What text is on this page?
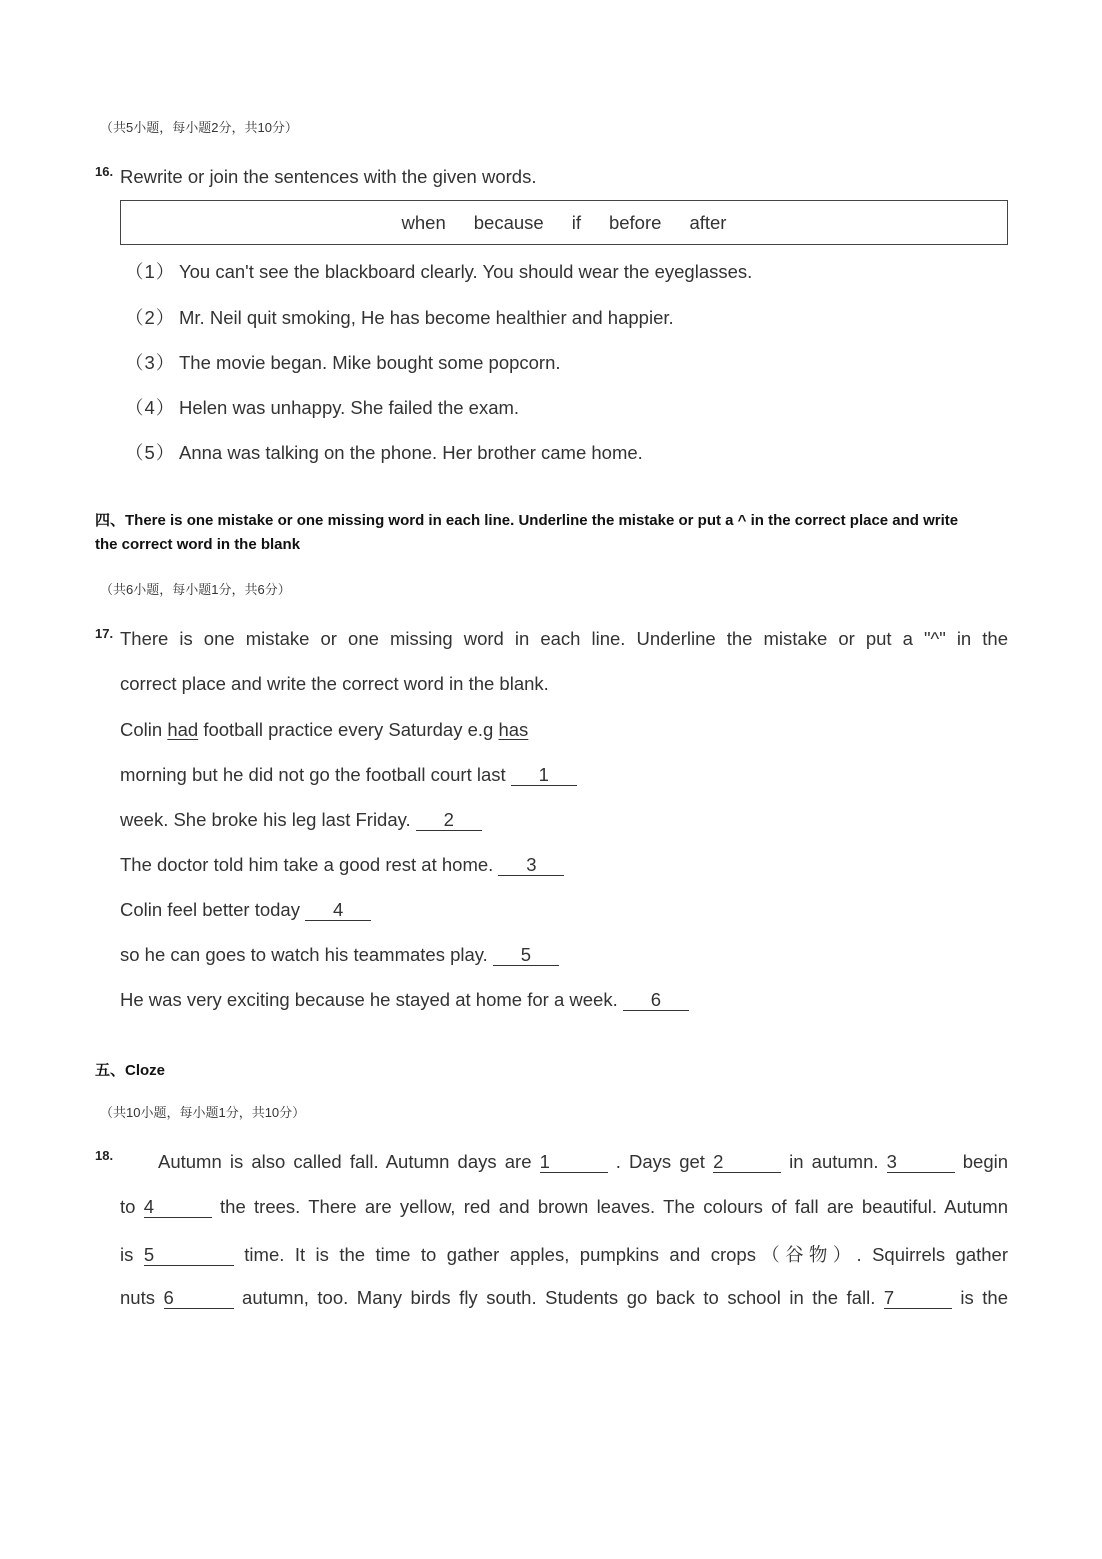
（共5小题，每小题2分，共10分）
16. Rewrite or join the sentences with the given words.
when because if before after
（1） You can't see the blackboard clearly. You should wear the eyeglasses.
（2） Mr. Neil quit smoking, He has become healthier and happier.
（3） The movie began. Mike bought some popcorn.
（4） Helen was unhappy. She failed the exam.
（5） Anna was talking on the phone. Her brother came home.
四、There is one mistake or one missing word in each line. Underline the mistake or put a ^ in the correct place and write
the correct word in the blank
（共6小题，每小题1分，共6分）
17. There is one mistake or one missing word in each line. Underline the mistake or put a "^" in the
correct place and write the correct word in the blank.
Colin had football practice every Saturday e.g has
morning but he did not go the football court last 1
week. She broke his leg last Friday. 2
The doctor told him take a good rest at home. 3
Colin feel better today 4
so he can goes to watch his teammates play. 5
He was very exciting because he stayed at home for a week. 6
五、Cloze
（共10小题，每小题1分，共10分）
18. Autumn is also called fall. Autumn days are 1	. Days get 2	in autumn. 3	begin
to 4	the trees. There are yellow, red and brown leaves. The colours of fall are beautiful. Autumn
is 5	time. It is the time to gather apples, pumpkins and crops（谷物）. Squirrels gather
nuts 6	autumn, too. Many birds fly south. Students go back to school in the fall. 7	is the
